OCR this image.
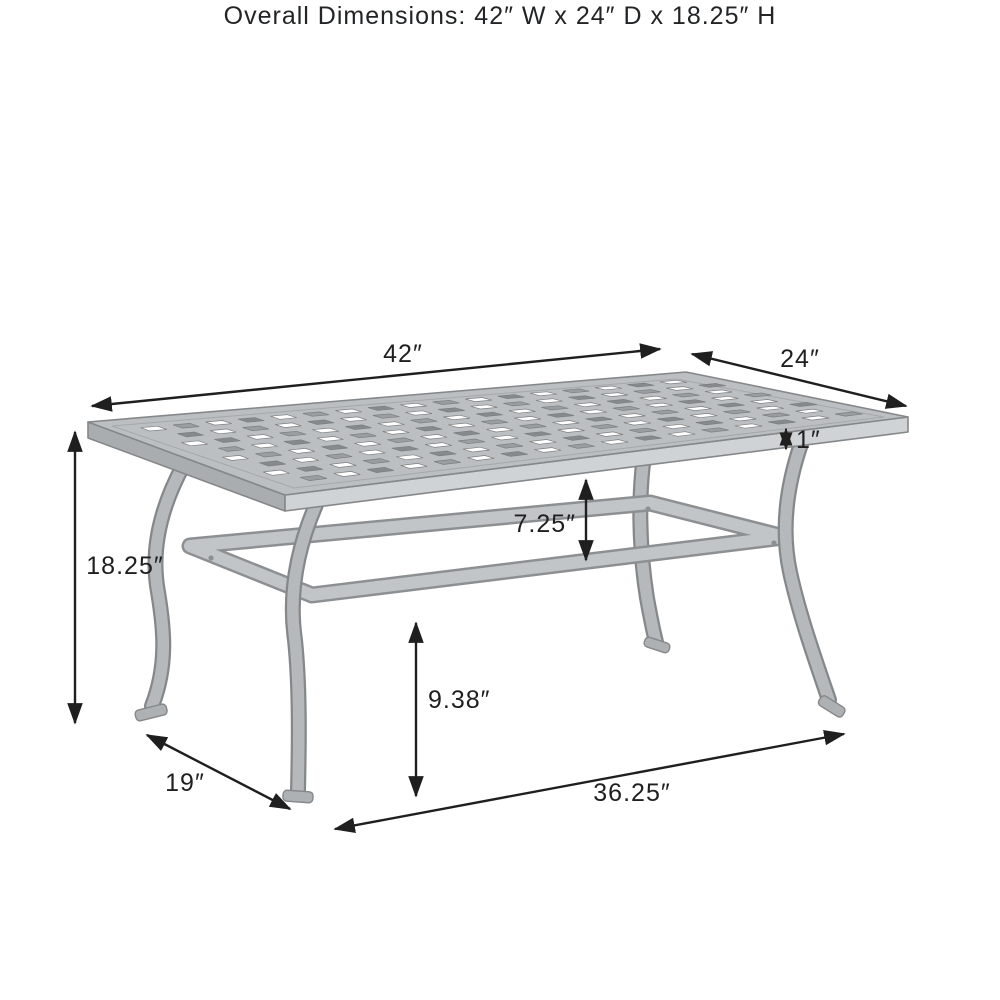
Overall Dimensions: 42″ W x 24″ D x 18.25″ H
42″	24″
1″
18.25″
7.25″
9.38″
19″	36.25″
